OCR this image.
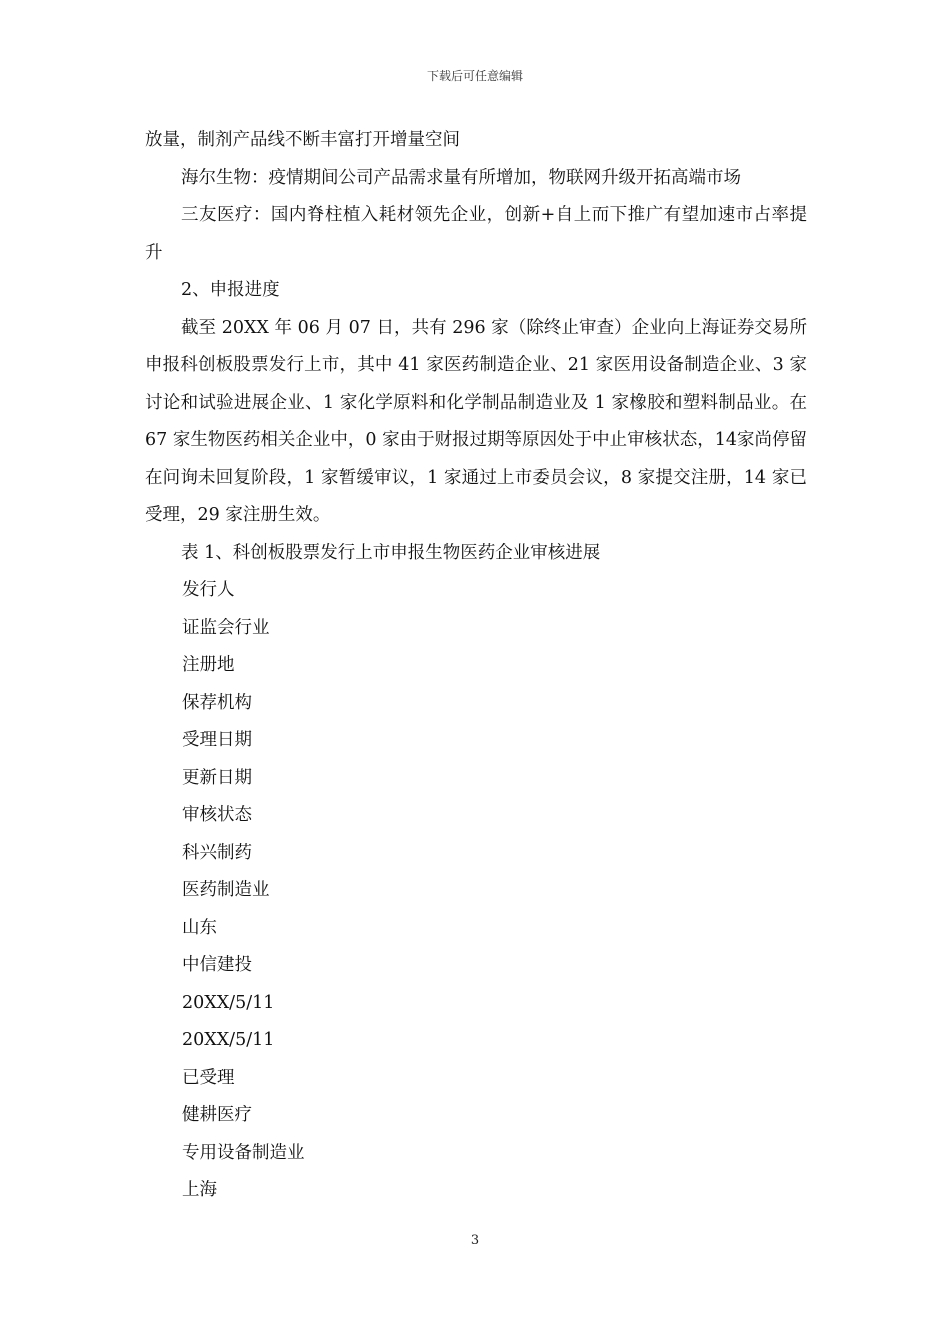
下载后可任意编辑

放量，制剂产品线不断丰富打开增量空间

海尔生物：疫情期间公司产品需求量有所增加，物联网升级开拓高端市场

三友医疗：国内脊柱植入耗材领先企业，创新+自上而下推广有望加速市占率提升

2、申报进度

截至 20XX 年 06 月 07 日，共有 296 家（除终止审查）企业向上海证券交易所申报科创板股票发行上市，其中 41 家医药制造企业、21 家医用设备制造企业、3 家讨论和试验进展企业、1 家化学原料和化学制品制造业及 1 家橡胶和塑料制品业。在 67 家生物医药相关企业中，0 家由于财报过期等原因处于中止审核状态，14家尚停留在问询未回复阶段，1 家暂缓审议，1 家通过上市委员会议，8 家提交注册，14 家已受理，29 家注册生效。

表 1、科创板股票发行上市申报生物医药企业审核进展

发行人

证监会行业

注册地

保荐机构

受理日期

更新日期

审核状态

科兴制药

医药制造业

山东

中信建投

20XX/5/11

20XX/5/11

已受理

健耕医疗

专用设备制造业

上海

3
